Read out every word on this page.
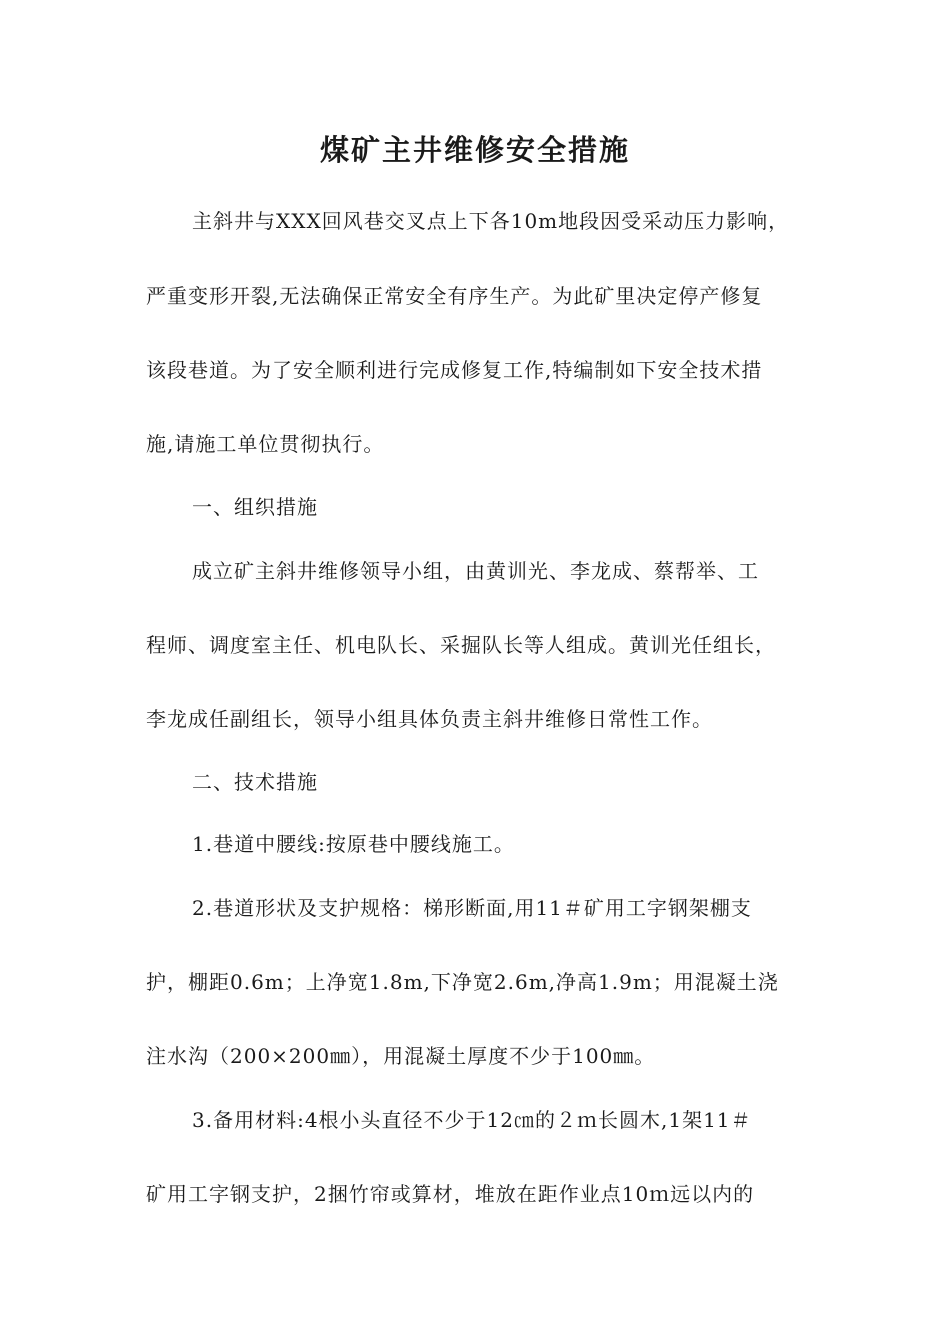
煤矿主井维修安全措施

主斜井与XXX回风巷交叉点上下各10m地段因受采动压力影响，

严重变形开裂,无法确保正常安全有序生产。为此矿里决定停产修复

该段巷道。为了安全顺利进行完成修复工作,特编制如下安全技术措

施,请施工单位贯彻执行。

一、组织措施

成立矿主斜井维修领导小组，由黄训光、李龙成、蔡帮举、工

程师、调度室主任、机电队长、采掘队长等人组成。黄训光任组长，

李龙成任副组长，领导小组具体负责主斜井维修日常性工作。

二、技术措施

1.巷道中腰线:按原巷中腰线施工。

2.巷道形状及支护规格：梯形断面,用11＃矿用工字钢架棚支

护，棚距0.6m；上净宽1.8m,下净宽2.6m,净高1.9m；用混凝土浇

注水沟（200×200㎜），用混凝土厚度不少于100㎜。

3.备用材料:4根小头直径不少于12㎝的２ｍ长圆木,1架11＃

矿用工字钢支护，2捆竹帘或算材，堆放在距作业点10ｍ远以内的
